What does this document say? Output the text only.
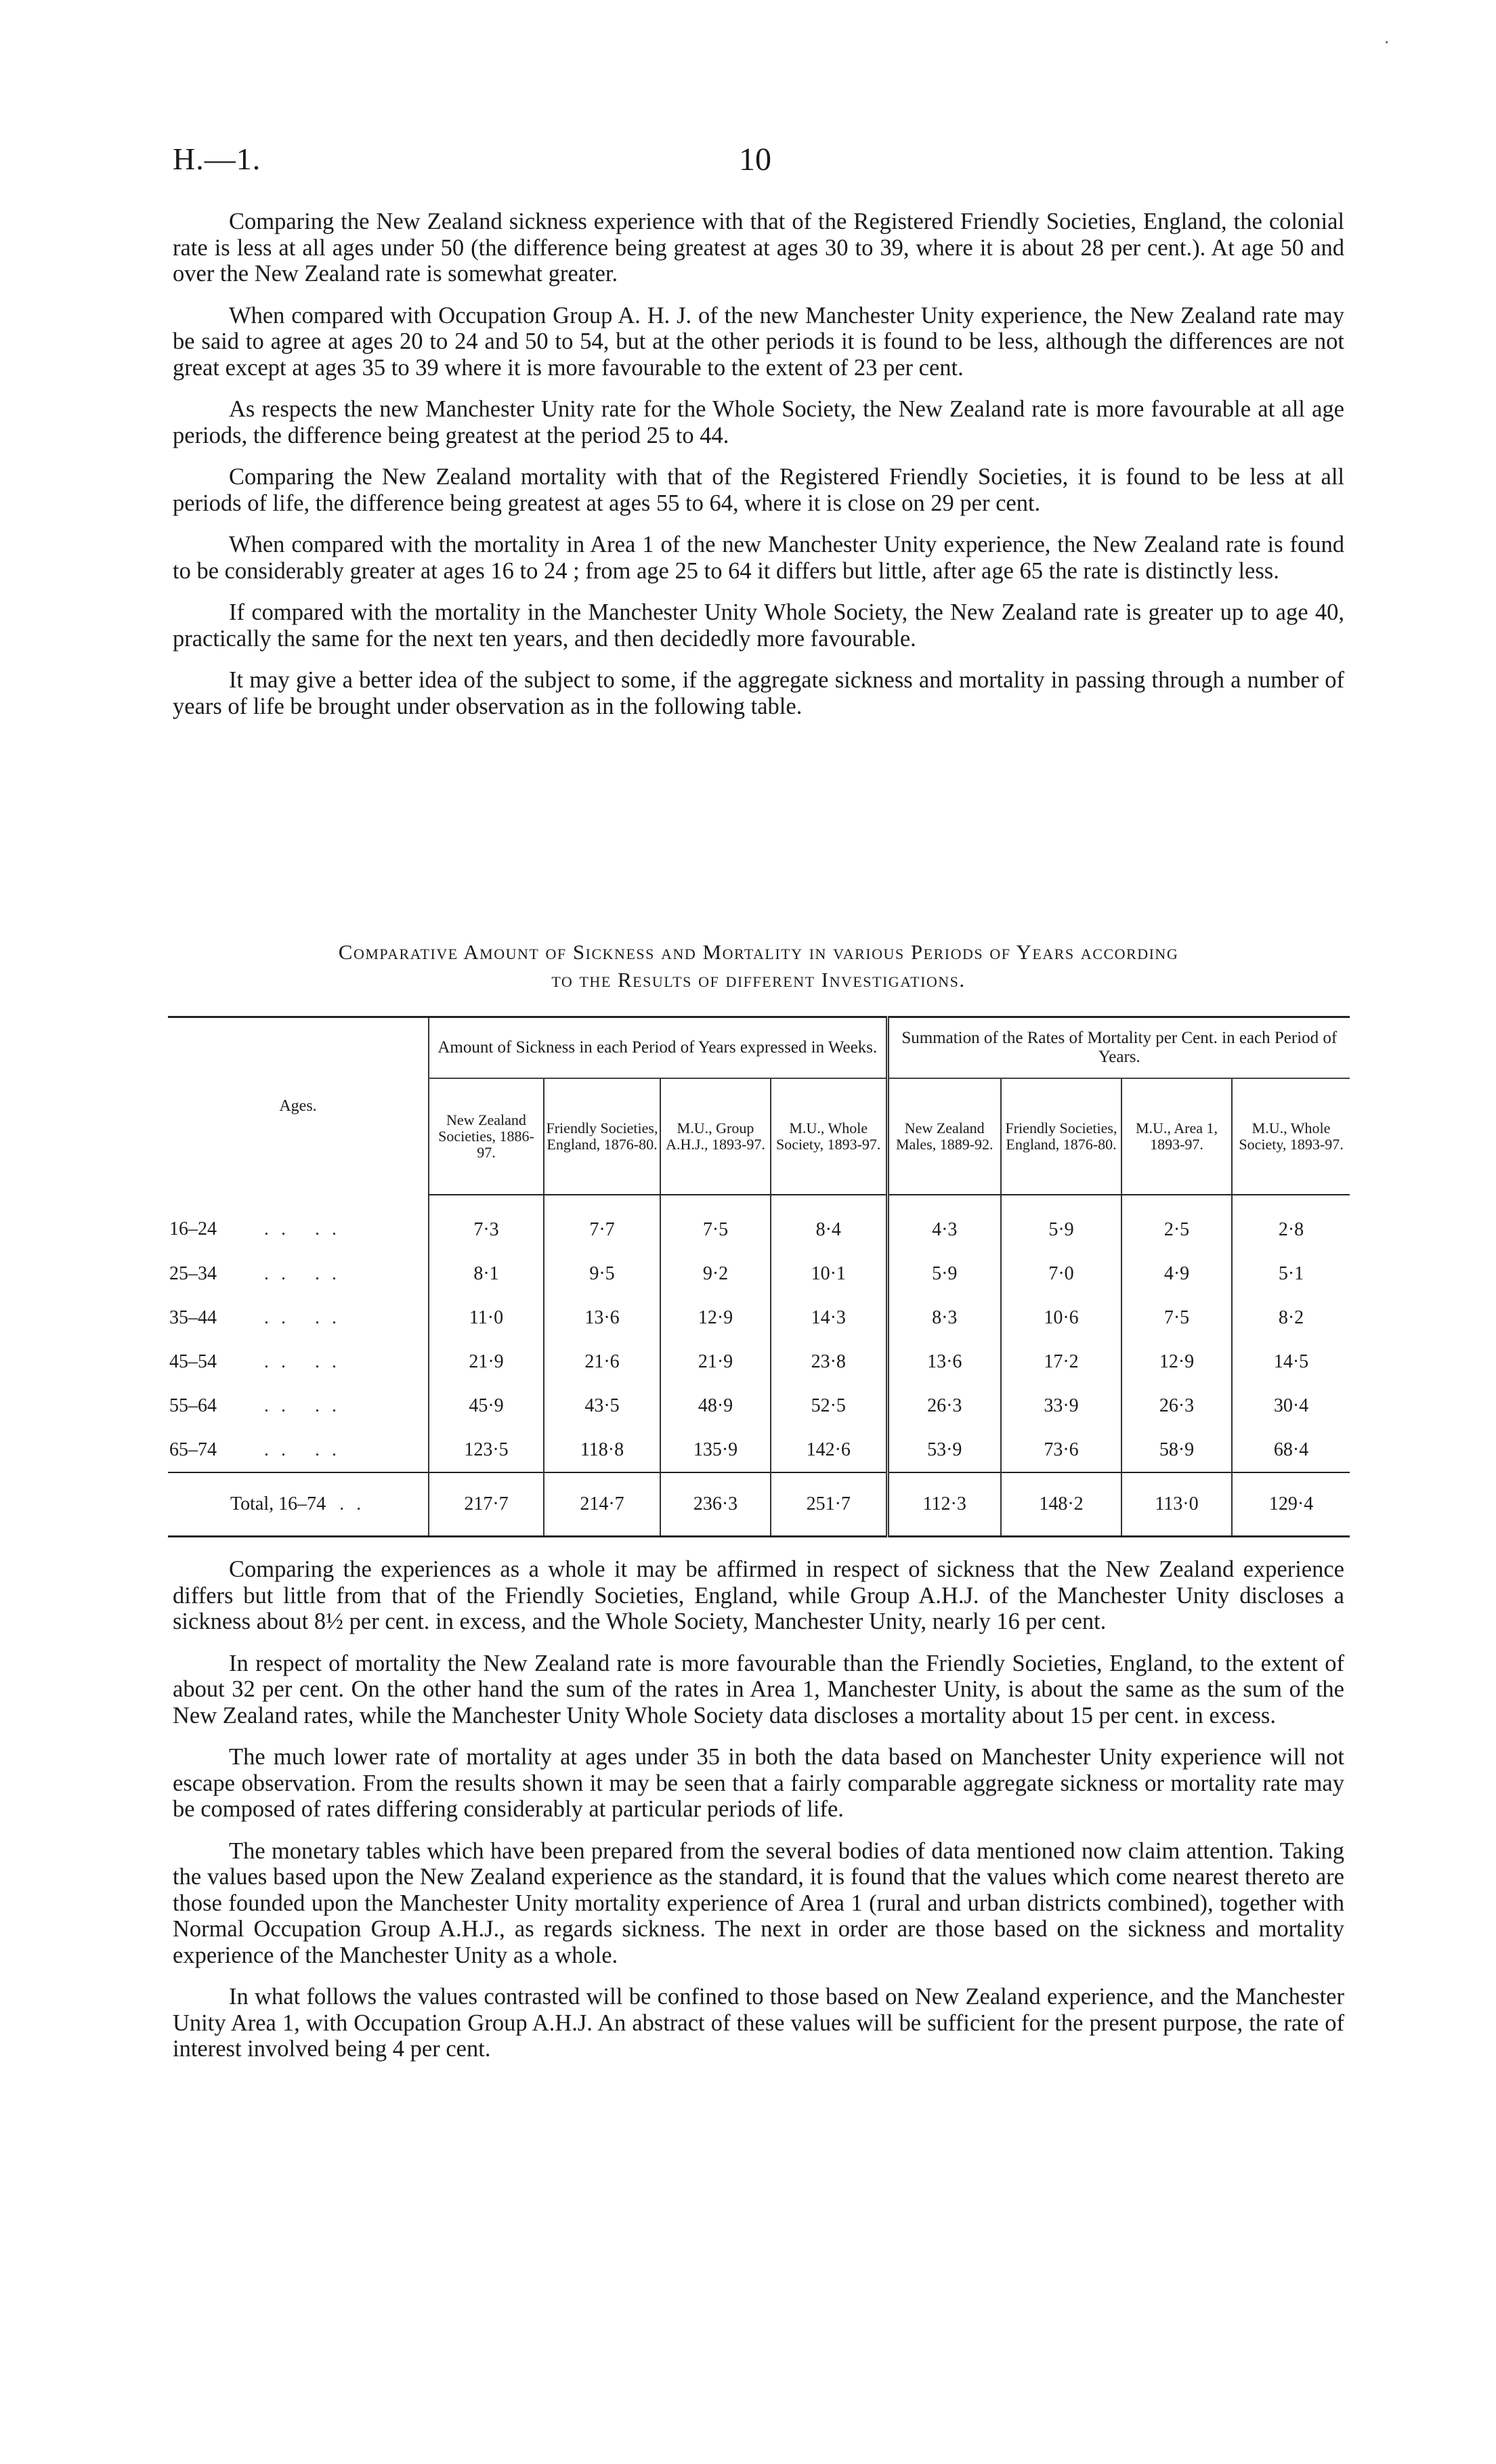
·
10
H.—1.

Comparing the New Zealand sickness experience with that of the Registered Friendly Societies, England, the colonial rate is less at all ages under 50 (the difference being greatest at ages 30 to 39, where it is about 28 per cent.). At age 50 and over the New Zealand rate is somewhat greater.

When compared with Occupation Group A. H. J. of the new Manchester Unity experience, the New Zealand rate may be said to agree at ages 20 to 24 and 50 to 54, but at the other periods it is found to be less, although the differences are not great except at ages 35 to 39 where it is more favourable to the extent of 23 per cent.

As respects the new Manchester Unity rate for the Whole Society, the New Zealand rate is more favourable at all age periods, the difference being greatest at the period 25 to 44.

Comparing the New Zealand mortality with that of the Registered Friendly Societies, it is found to be less at all periods of life, the difference being greatest at ages 55 to 64, where it is close on 29 per cent.

When compared with the mortality in Area 1 of the new Manchester Unity experience, the New Zealand rate is found to be considerably greater at ages 16 to 24 ; from age 25 to 64 it differs but little, after age 65 the rate is distinctly less.

If compared with the mortality in the Manchester Unity Whole Society, the New Zealand rate is greater up to age 40, practically the same for the next ten years, and then decidedly more favourable.

It may give a better idea of the subject to some, if the aggregate sickness and mortality in passing through a number of years of life be brought under observation as in the following table.

Comparative Amount of Sickness and Mortality in various Periods of Years according
to the Results of different Investigations.
Ages.	Amount of Sickness in each Period of Years expressed in Weeks.				Summation of the Rates of Mortality per Cent. in each Period of Years.			
	New Zealand Societies, 1886-97.	Friendly Societies, England, 1876-80.	M.U., Group A.H.J., 1893-97.	M.U., Whole Society, 1893-97.	New Zealand Males, 1889-92.	Friendly Societies, England, 1876-80.	M.U., Area 1, 1893-97.	M.U., Whole Society, 1893-97.
16–24 .. ..	7·3	7·7	7·5	8·4	4·3	5·9	2·5	2·8
25–34 .. ..	8·1	9·5	9·2	10·1	5·9	7·0	4·9	5·1
35–44 .. ..	11·0	13·6	12·9	14·3	8·3	10·6	7·5	8·2
45–54 .. ..	21·9	21·6	21·9	23·8	13·6	17·2	12·9	14·5
55–64 .. ..	45·9	43·5	48·9	52·5	26·3	33·9	26·3	30·4
65–74 .. ..	123·5	118·8	135·9	142·6	53·9	73·6	58·9	68·4
Total, 16–74 ..	217·7	214·7	236·3	251·7	112·3	148·2	113·0	129·4

Comparing the experiences as a whole it may be affirmed in respect of sickness that the New Zealand experience differs but little from that of the Friendly Societies, England, while Group A.H.J. of the Manchester Unity discloses a sickness about 8½ per cent. in excess, and the Whole Society, Manchester Unity, nearly 16 per cent.

In respect of mortality the New Zealand rate is more favourable than the Friendly Societies, England, to the extent of about 32 per cent. On the other hand the sum of the rates in Area 1, Manchester Unity, is about the same as the sum of the New Zealand rates, while the Manchester Unity Whole Society data discloses a mortality about 15 per cent. in excess.

The much lower rate of mortality at ages under 35 in both the data based on Manchester Unity experience will not escape observation. From the results shown it may be seen that a fairly comparable aggregate sickness or mortality rate may be composed of rates differing considerably at particular periods of life.

The monetary tables which have been prepared from the several bodies of data mentioned now claim attention. Taking the values based upon the New Zealand experience as the standard, it is found that the values which come nearest thereto are those founded upon the Manchester Unity mortality experience of Area 1 (rural and urban districts combined), together with Normal Occupation Group A.H.J., as regards sickness. The next in order are those based on the sickness and mortality experience of the Manchester Unity as a whole.

In what follows the values contrasted will be confined to those based on New Zealand experience, and the Manchester Unity Area 1, with Occupation Group A.H.J. An abstract of these values will be sufficient for the present purpose, the rate of interest involved being 4 per cent.
